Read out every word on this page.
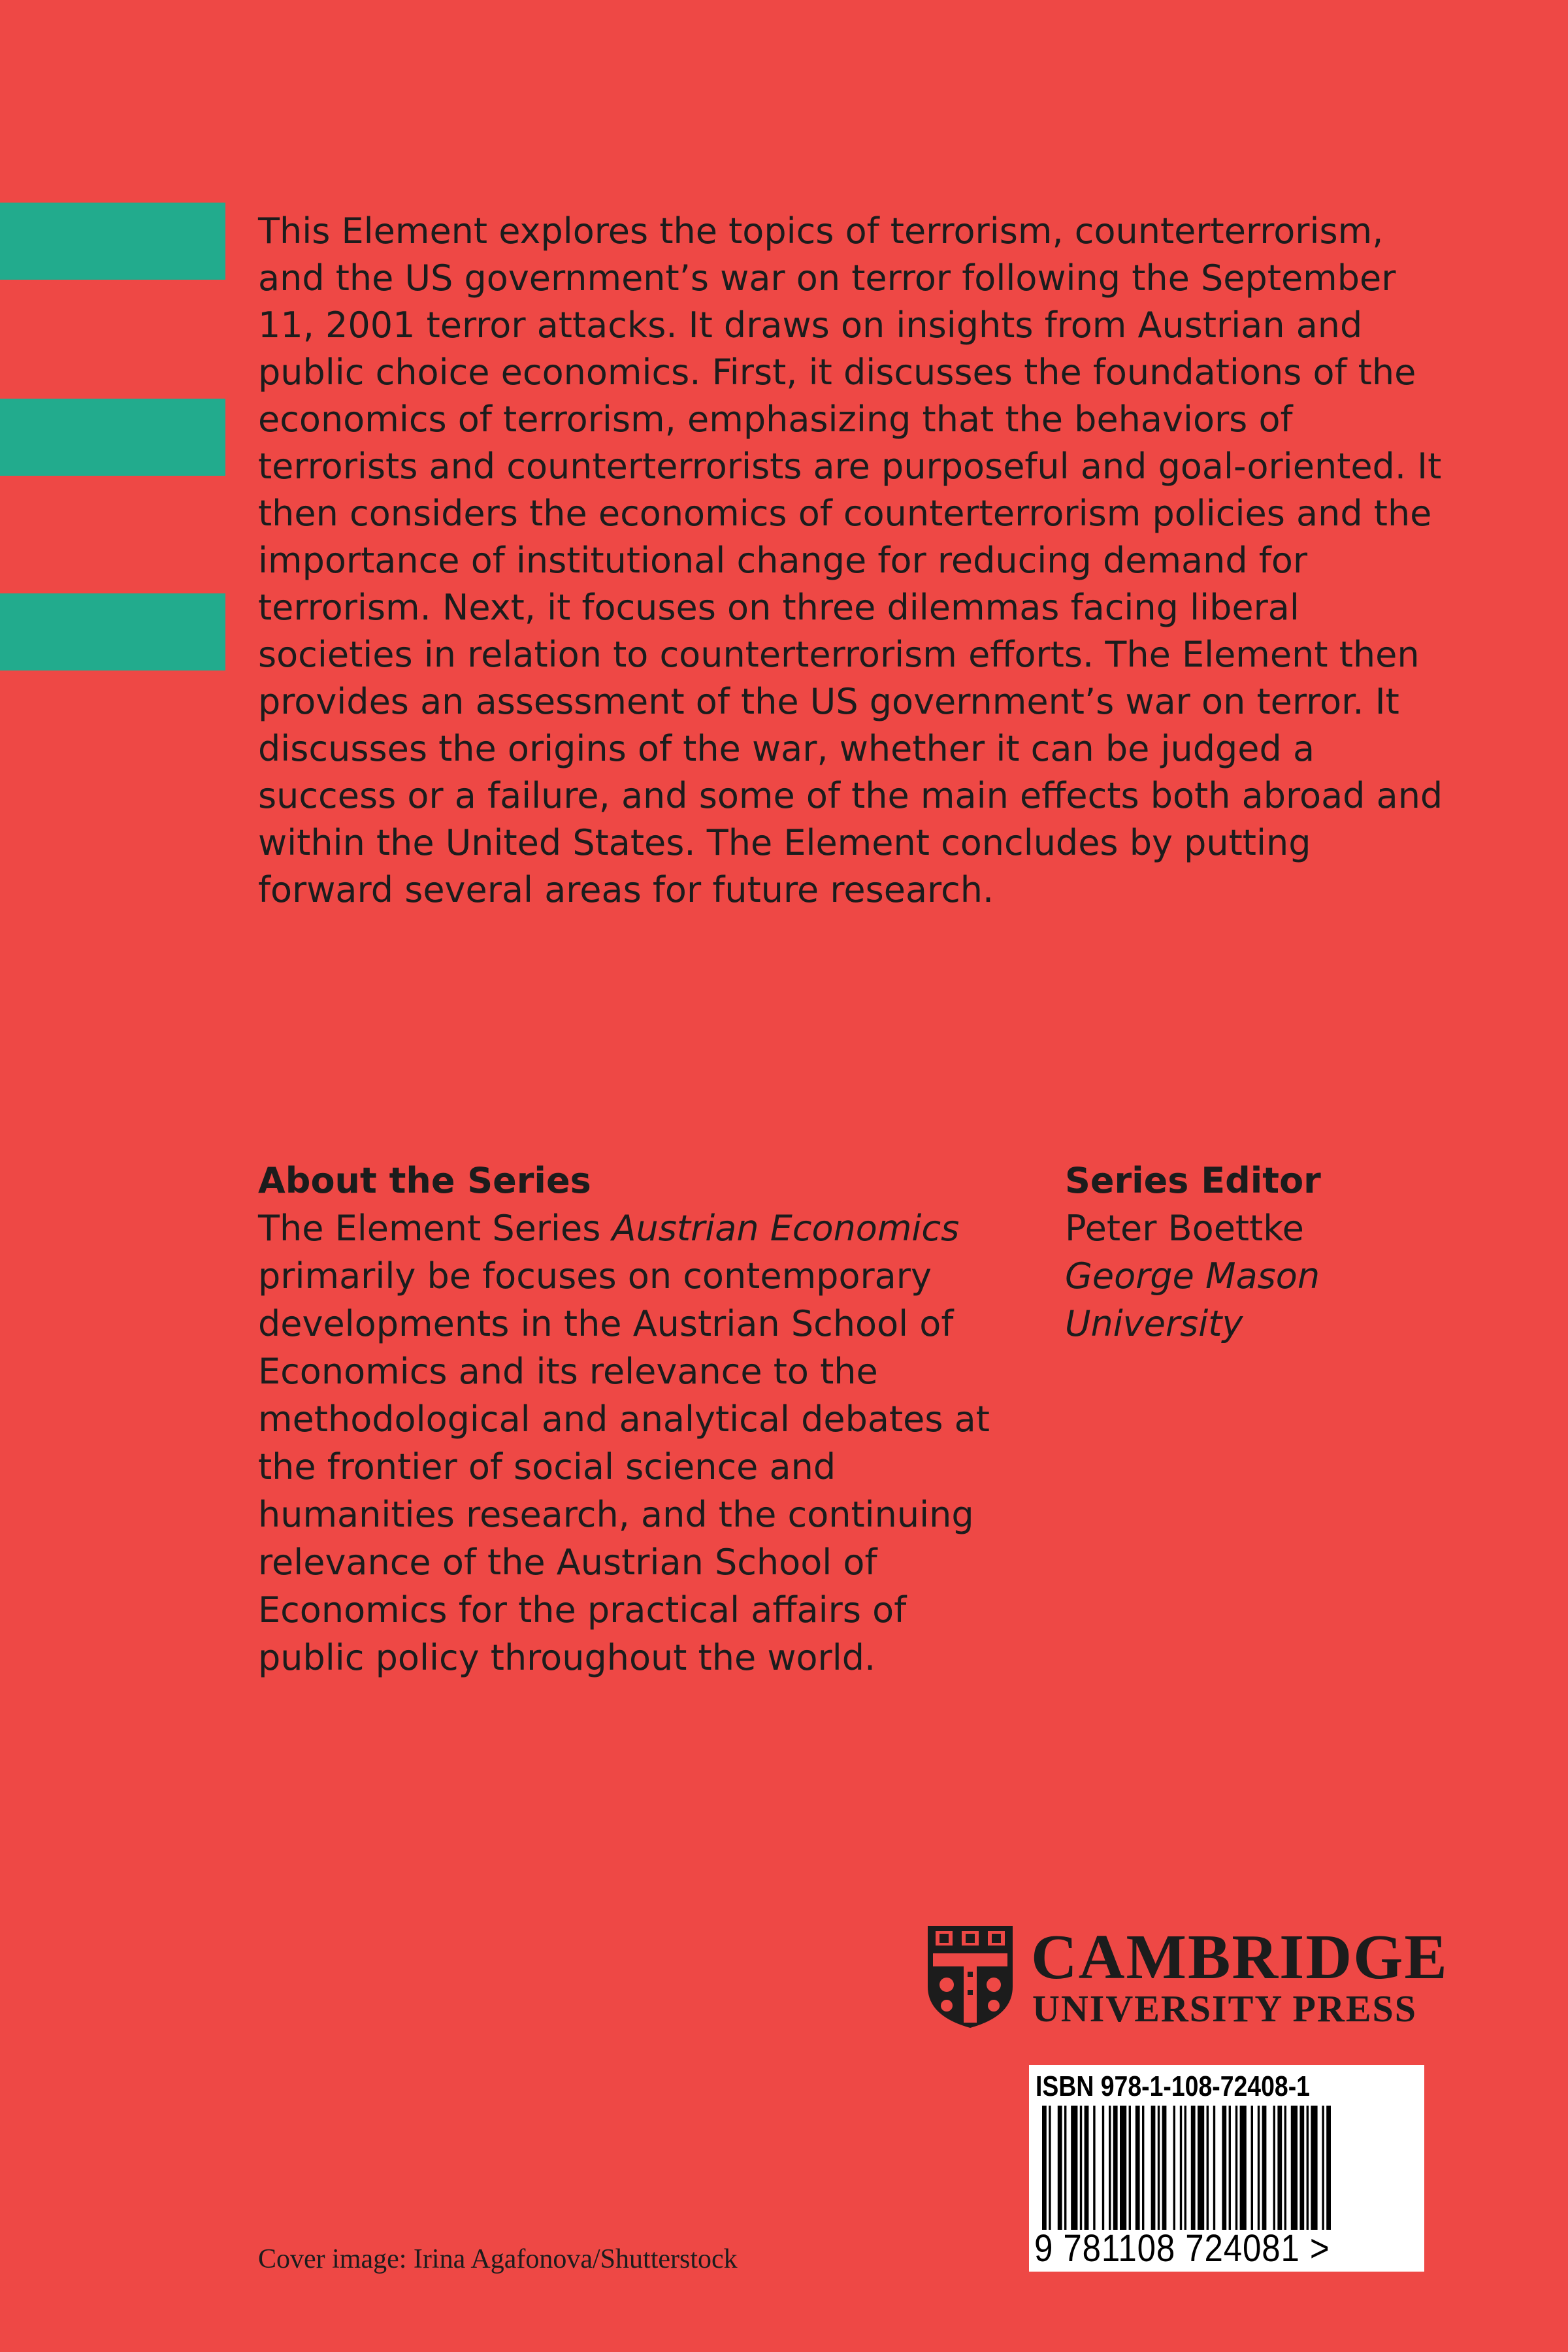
This Element explores the topics of terrorism, counterterrorism, and the US government’s war on terror following the September 11, 2001 terror attacks. It draws on insights from Austrian and public choice economics. First, it discusses the foundations of the economics of terrorism, emphasizing that the behaviors of terrorists and counterterrorists are purposeful and goal-oriented. It then considers the economics of counterterrorism policies and the importance of institutional change for reducing demand for terrorism. Next, it focuses on three dilemmas facing liberal societies in relation to counterterrorism efforts. The Element then provides an assessment of the US government’s war on terror. It discusses the origins of the war, whether it can be judged a success or a failure, and some of the main effects both abroad and within the United States. The Element concludes by putting forward several areas for future research.

About the Series
The Element Series Austrian Economics primarily be focuses on contemporary developments in the Austrian School of Economics and its relevance to the methodological and analytical debates at the frontier of social science and humanities research, and the continuing relevance of the Austrian School of Economics for the practical affairs of public policy throughout the world.
Series Editor
Peter Boettke
George Mason University
CAMBRIDGE
UNIVERSITY PRESS
ISBN 978-1-108-72408-1
9 781108 724081 >
Cover image: Irina Agafonova/Shutterstock
